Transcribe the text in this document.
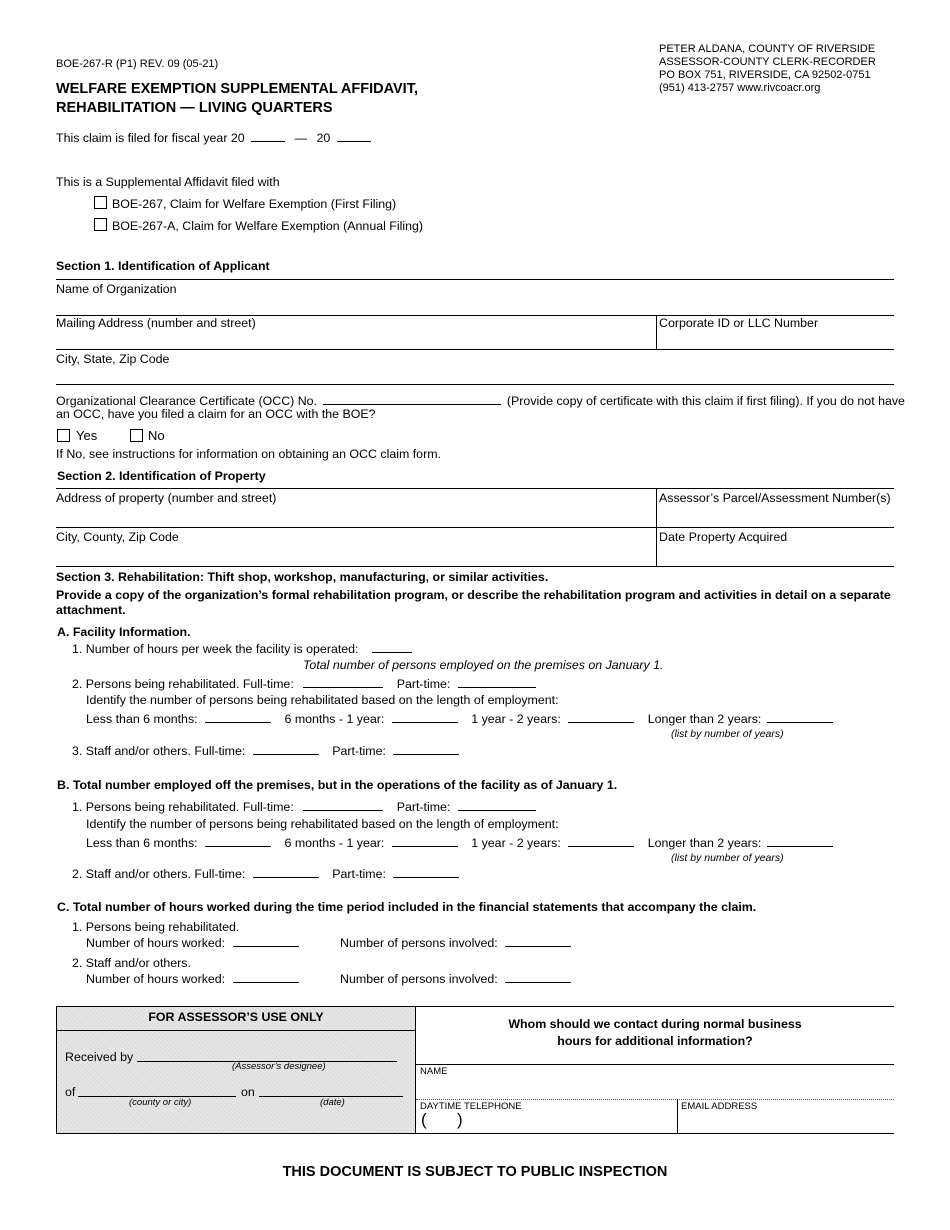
BOE-267-R (P1) REV. 09 (05-21)
WELFARE EXEMPTION SUPPLEMENTAL AFFIDAVIT,
REHABILITATION — LIVING QUARTERS
PETER ALDANA, COUNTY OF RIVERSIDE
ASSESSOR-COUNTY CLERK-RECORDER
PO BOX 751, RIVERSIDE, CA 92502-0751
(951) 413-2757 www.rivcoacr.org
This claim is filed for fiscal year 20	— 20
This is a Supplemental Affidavit filed with
BOE-267, Claim for Welfare Exemption (First Filing)
BOE-267-A, Claim for Welfare Exemption (Annual Filing)
Section 1. Identification of Applicant
Name of Organization
Mailing Address (number and street)	Corporate ID or LLC Number
City, State, Zip Code
Organizational Clearance Certificate (OCC) No.	(Provide copy of certificate with this claim if first filing). If you do not have
an OCC, have you filed a claim for an OCC with the BOE?
Yes	No
If No, see instructions for information on obtaining an OCC claim form.
Section 2. Identification of Property
Address of property (number and street)	Assessor’s Parcel/Assessment Number(s)
City, County, Zip Code	Date Property Acquired
Section 3. Rehabilitation: Thift shop, workshop, manufacturing, or similar activities.
Provide a copy of the organization’s formal rehabilitation program, or describe the rehabilitation program and activities in detail on a separate
attachment.
A. Facility Information.
1. Number of hours per week the facility is operated:
Total number of persons employed on the premises on January 1.
2. Persons being rehabilitated. Full-time:	Part-time:
Identify the number of persons being rehabilitated based on the length of employment:
Less than 6 months:	6 months - 1 year:	1 year - 2 years:	Longer than 2 years:
(list by number of years)
3. Staff and/or others. Full-time:	Part-time:
B. Total number employed off the premises, but in the operations of the facility as of January 1.
1. Persons being rehabilitated. Full-time:	Part-time:
Identify the number of persons being rehabilitated based on the length of employment:
Less than 6 months:	6 months - 1 year:	1 year - 2 years:	Longer than 2 years:
(list by number of years)
2. Staff and/or others. Full-time:	Part-time:
C. Total number of hours worked during the time period included in the financial statements that accompany the claim.
1. Persons being rehabilitated.
Number of hours worked:	Number of persons involved:
2. Staff and/or others.
Number of hours worked:	Number of persons involved:
FOR ASSESSOR’S USE ONLY
Received by
(Assessor’s designee)
of	on
(county or city)	(date)
Whom should we contact during normal business
hours for additional information?
NAME
DAYTIME TELEPHONE
( )
EMAIL ADDRESS
THIS DOCUMENT IS SUBJECT TO PUBLIC INSPECTION
